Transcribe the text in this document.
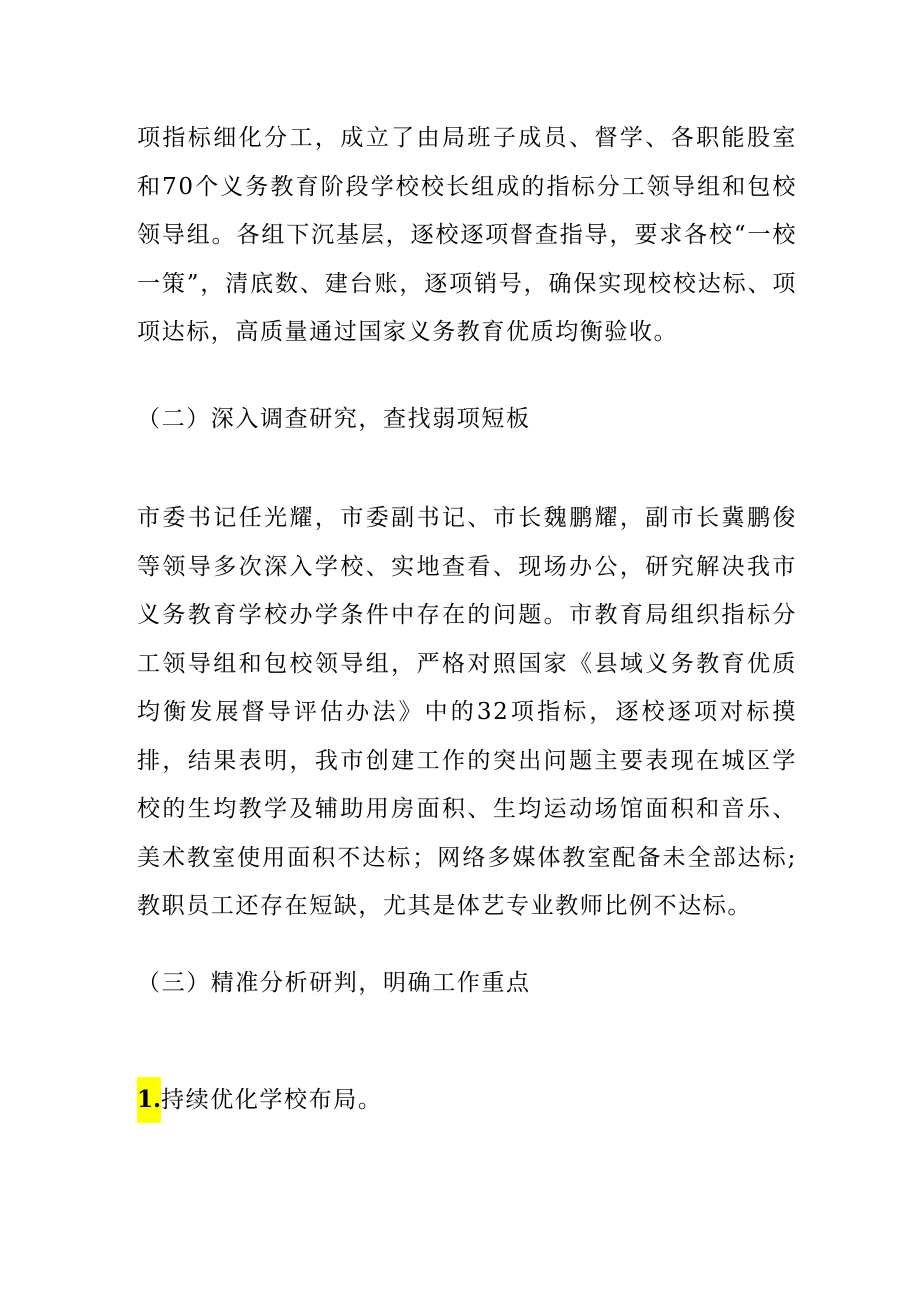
项指标细化分工，成立了由局班子成员、督学、各职能股室和70个义务教育阶段学校校长组成的指标分工领导组和包校领导组。各组下沉基层，逐校逐项督查指导，要求各校“一校一策”，清底数、建台账，逐项销号，确保实现校校达标、项项达标，高质量通过国家义务教育优质均衡验收。

（二）深入调查研究，查找弱项短板

市委书记任光耀，市委副书记、市长魏鹏耀，副市长冀鹏俊等领导多次深入学校、实地查看、现场办公，研究解决我市义务教育学校办学条件中存在的问题。市教育局组织指标分工领导组和包校领导组，严格对照国家《县域义务教育优质均衡发展督导评估办法》中的32项指标，逐校逐项对标摸排，结果表明，我市创建工作的突出问题主要表现在城区学校的生均教学及辅助用房面积、生均运动场馆面积和音乐、美术教室使用面积不达标；网络多媒体教室配备未全部达标;教职员工还存在短缺，尤其是体艺专业教师比例不达标。

（三）精准分析研判，明确工作重点

1.持续优化学校布局。
